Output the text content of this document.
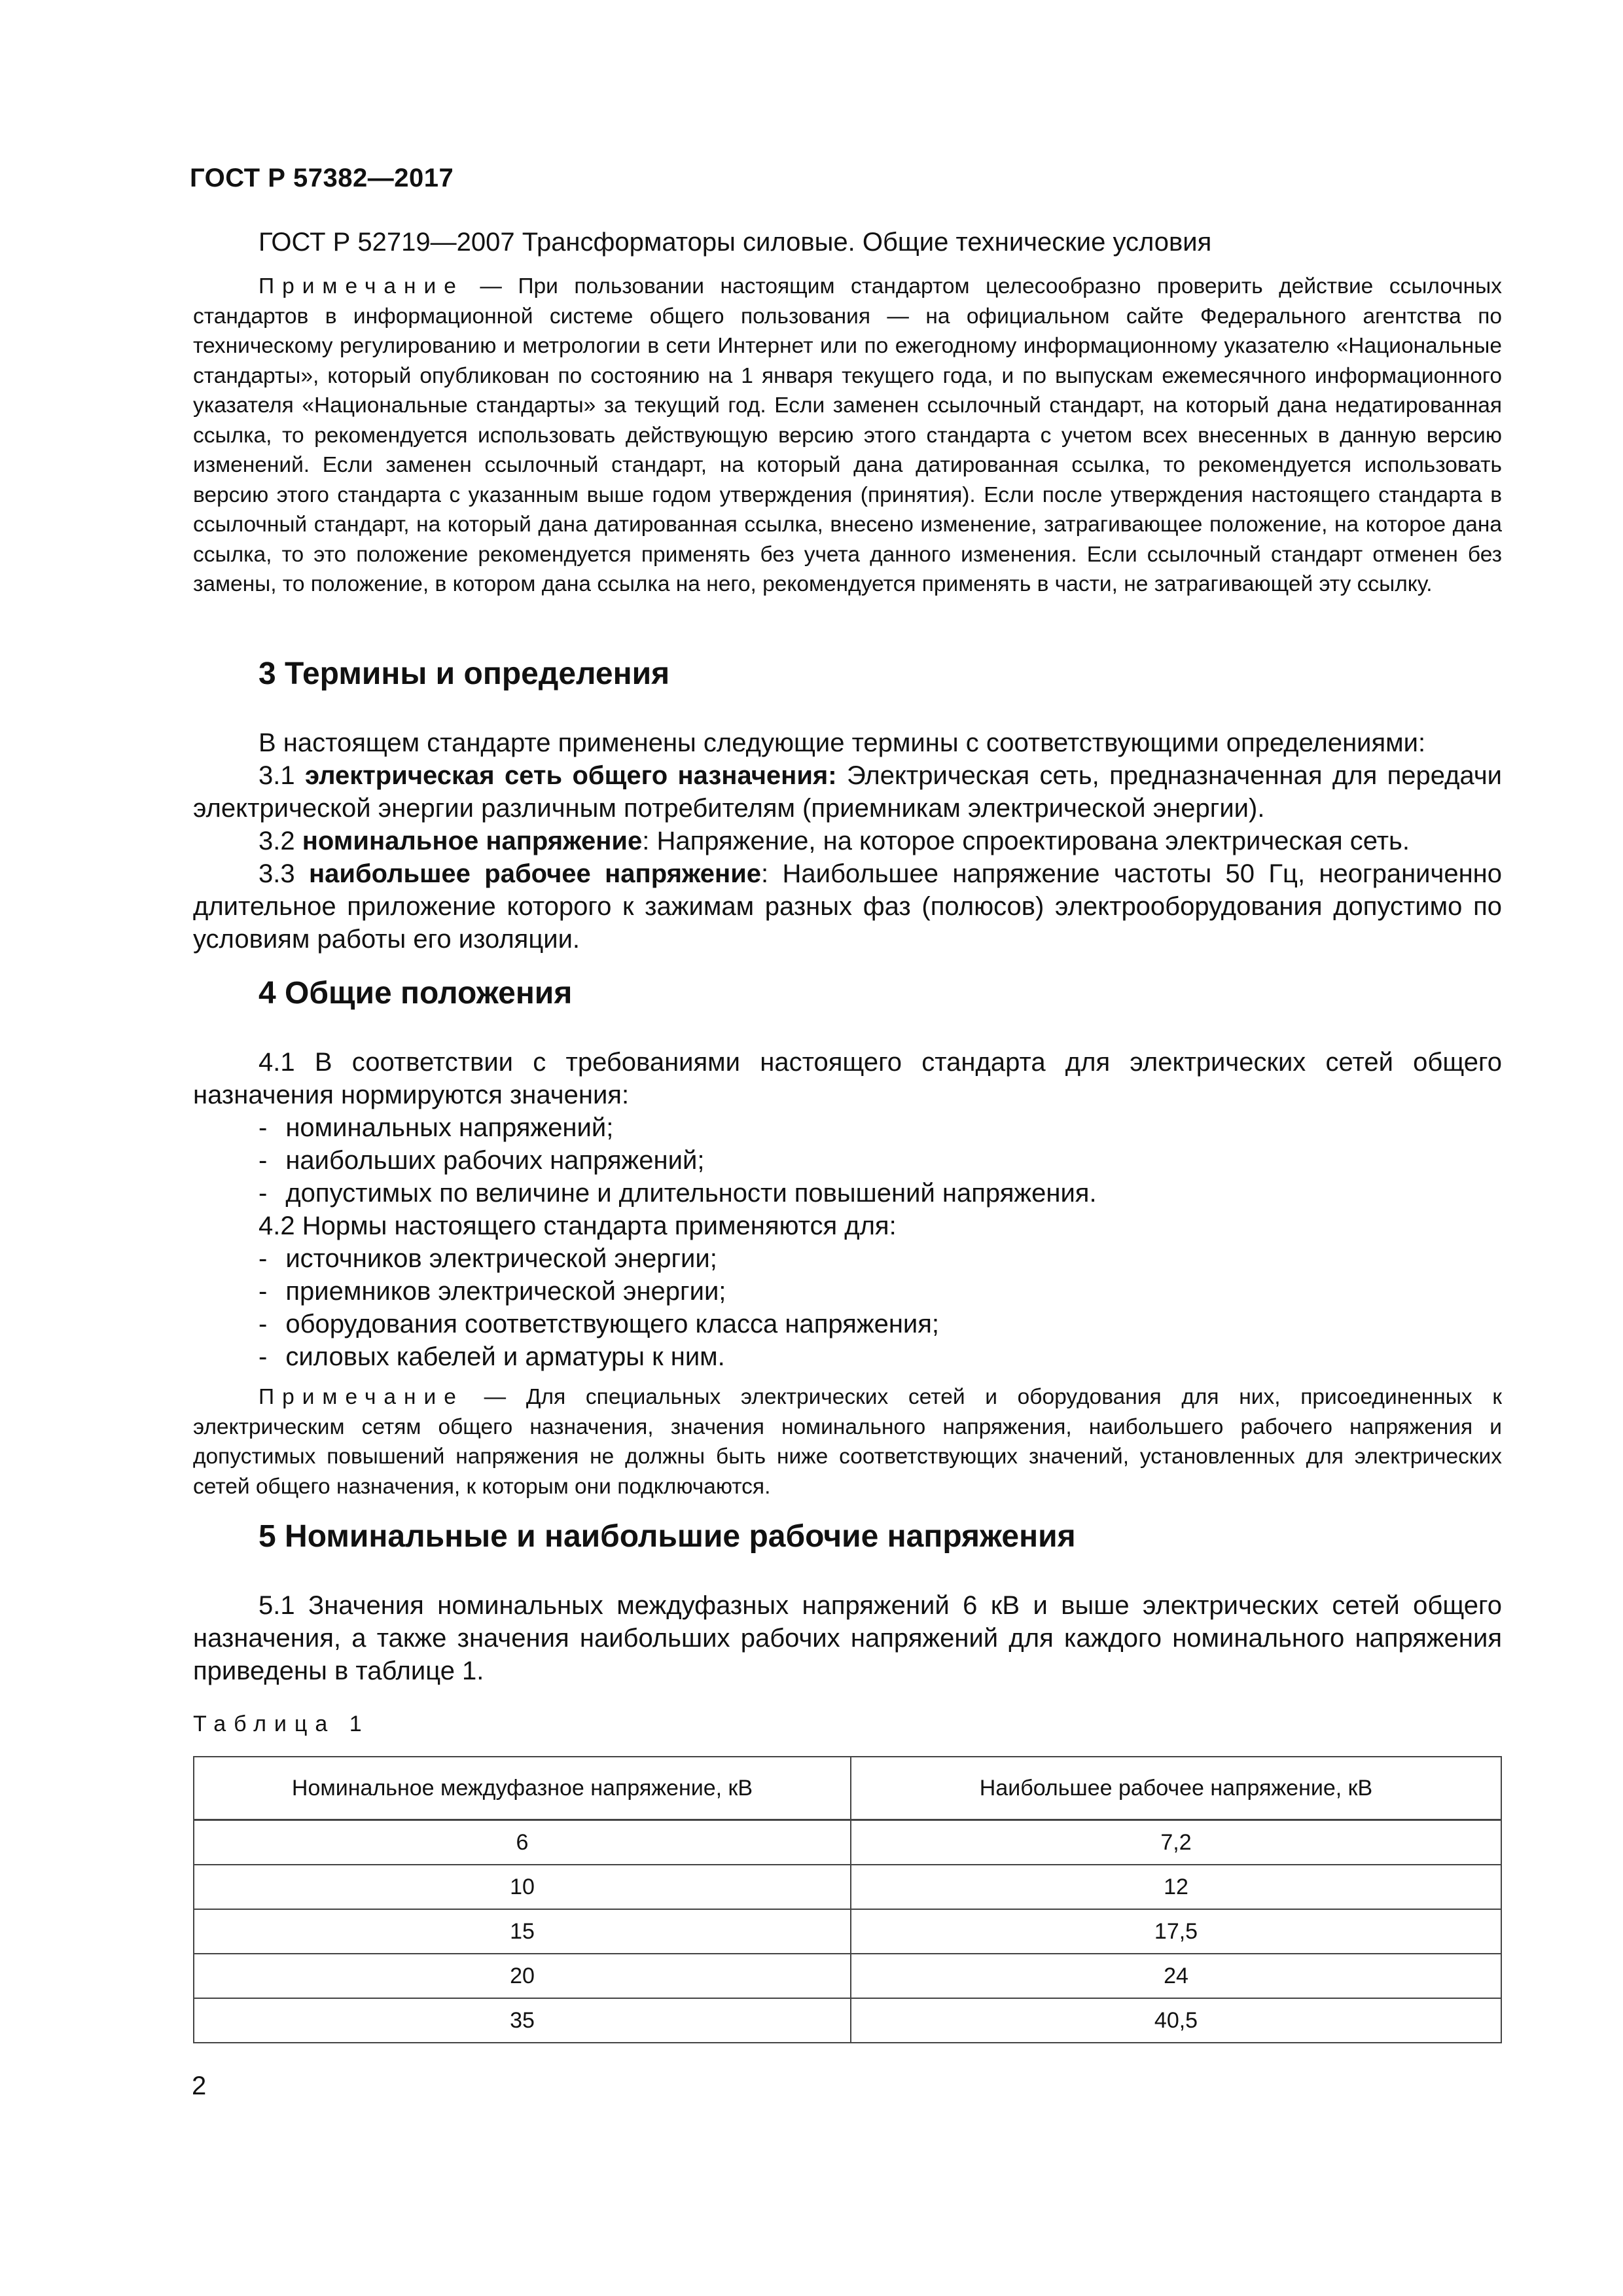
ГОСТ Р 57382—2017
ГОСТ Р 52719—2007 Трансформаторы силовые. Общие технические условия
Примечание — При пользовании настоящим стандартом целесообразно проверить действие ссылочных стандартов в информационной системе общего пользования — на официальном сайте Федерального агентства по техническому регулированию и метрологии в сети Интернет или по ежегодному информационному указателю «Национальные стандарты», который опубликован по состоянию на 1 января текущего года, и по выпускам ежемесячного информационного указателя «Национальные стандарты» за текущий год. Если заменен ссылочный стандарт, на который дана недатированная ссылка, то рекомендуется использовать действующую версию этого стандарта с учетом всех внесенных в данную версию изменений. Если заменен ссылочный стандарт, на который дана датированная ссылка, то рекомендуется использовать версию этого стандарта с указанным выше годом утверждения (принятия). Если после утверждения настоящего стандарта в ссылочный стандарт, на который дана датированная ссылка, внесено изменение, затрагивающее положение, на которое дана ссылка, то это положение рекомендуется применять без учета данного изменения. Если ссылочный стандарт отменен без замены, то положение, в котором дана ссылка на него, рекомендуется применять в части, не затрагивающей эту ссылку.
3 Термины и определения
В настоящем стандарте применены следующие термины с соответствующими определениями:
3.1 электрическая сеть общего назначения: Электрическая сеть, предназначенная для передачи электрической энергии различным потребителям (приемникам электрической энергии).
3.2 номинальное напряжение: Напряжение, на которое спроектирована электрическая сеть.
3.3 наибольшее рабочее напряжение: Наибольшее напряжение частоты 50 Гц, неограниченно длительное приложение которого к зажимам разных фаз (полюсов) электрооборудования допустимо по условиям работы его изоляции.
4 Общие положения
4.1 В соответствии с требованиями настоящего стандарта для электрических сетей общего назначения нормируются значения:
- номинальных напряжений;
- наибольших рабочих напряжений;
- допустимых по величине и длительности повышений напряжения.
4.2 Нормы настоящего стандарта применяются для:
- источников электрической энергии;
- приемников электрической энергии;
- оборудования соответствующего класса напряжения;
- силовых кабелей и арматуры к ним.
Примечание — Для специальных электрических сетей и оборудования для них, присоединенных к электрическим сетям общего назначения, значения номинального напряжения, наибольшего рабочего напряжения и допустимых повышений напряжения не должны быть ниже соответствующих значений, установленных для электрических сетей общего назначения, к которым они подключаются.
5 Номинальные и наибольшие рабочие напряжения
5.1 Значения номинальных междуфазных напряжений 6 кВ и выше электрических сетей общего назначения, а также значения наибольших рабочих напряжений для каждого номинального напряжения приведены в таблице 1.
Таблица 1
Номинальное междуфазное напряжение, кВ	Наибольшее рабочее напряжение, кВ
6	7,2
10	12
15	17,5
20	24
35	40,5
2
